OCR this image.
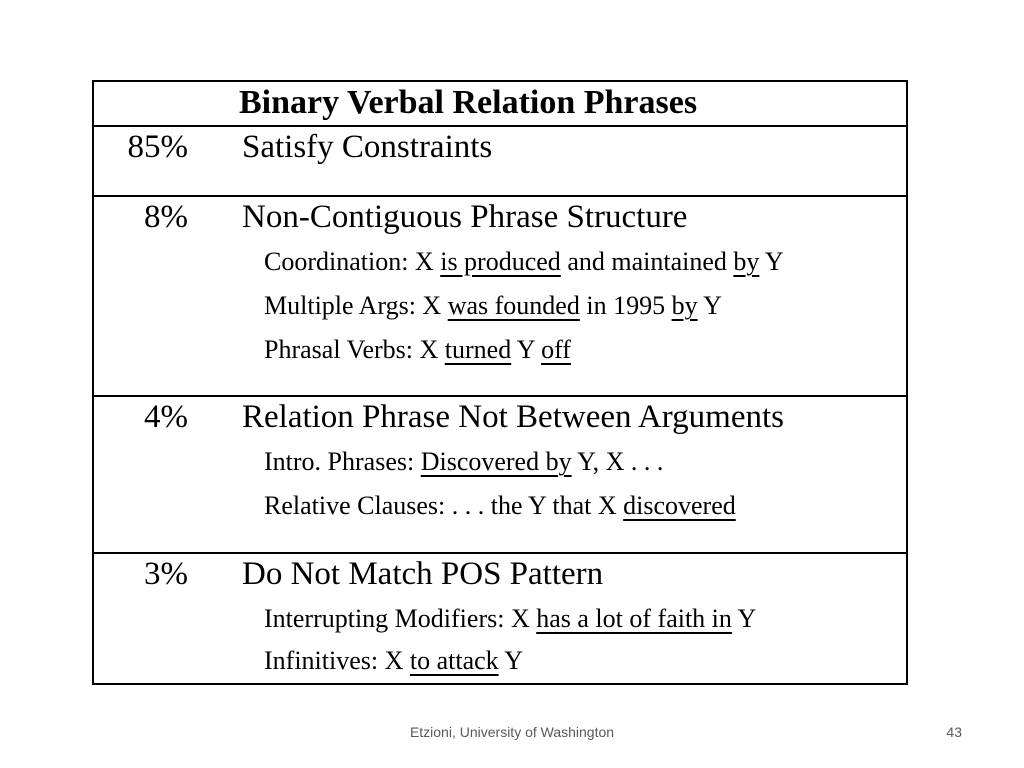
Binary Verbal Relation Phrases
85% Satisfy Constraints
8% Non-Contiguous Phrase Structure
Coordination: X is produced and maintained by Y
Multiple Args: X was founded in 1995 by Y
Phrasal Verbs: X turned Y off
4% Relation Phrase Not Between Arguments
Intro. Phrases: Discovered by Y, X . . .
Relative Clauses: . . . the Y that X discovered
3% Do Not Match POS Pattern
Interrupting Modifiers: X has a lot of faith in Y
Infinitives: X to attack Y
Etzioni, University of Washington	43
